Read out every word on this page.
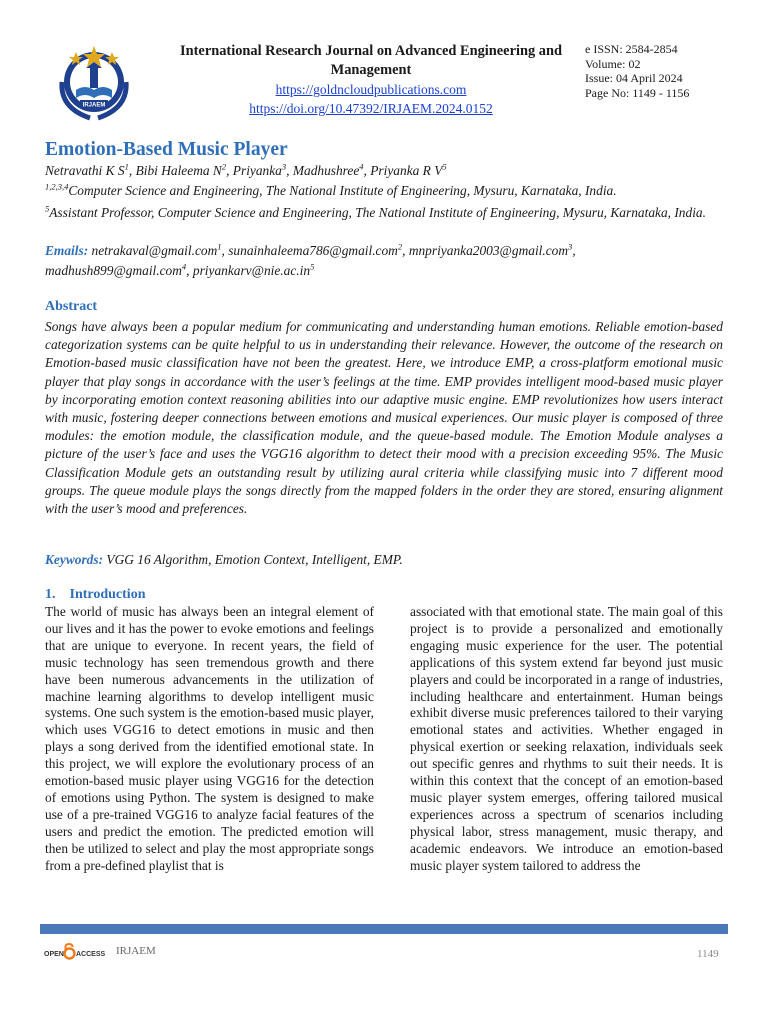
IRJAEM
International Research Journal on Advanced Engineering and Management
https://goldncloudpublications.com
https://doi.org/10.47392/IRJAEM.2024.0152
e ISSN: 2584-2854
Volume: 02
Issue: 04 April 2024
Page No: 1149 - 1156
Emotion-Based Music Player
Netravathi K $S^1$, Bibi Haleema $N^2$, Priyanka$^3$, Madhushree$^4$, Priyanka R $V^5$
$^{1,2,3,4}$Computer Science and Engineering, The National Institute of Engineering, Mysuru, Karnataka, India.
$^5$Assistant Professor, Computer Science and Engineering, The National Institute of Engineering, Mysuru, Karnataka, India.
Emails: netrakaval@gmail.com$^1$, sunainhaleema786@gmail.com$^2$, mnpriyanka2003@gmail.com$^3$, madhush899@gmail.com$^4$, $priyankarv@nie.ac.in^5$
Abstract
Songs have always been a popular medium for communicating and understanding human emotions. Reliable emotion-based categorization systems can be quite helpful to us in understanding their relevance. However, the outcome of the research on Emotion-based music classification have not been the greatest. Here, we introduce EMP, a cross-platform emotional music player that play songs in accordance with the user’s feelings at the time. EMP provides intelligent mood-based music player by incorporating emotion context reasoning abilities into our adaptive music engine. EMP revolutionizes how users interact with music, fostering deeper connections between emotions and musical experiences. Our music player is composed of three modules: the emotion module, the classification module, and the queue-based module. The Emotion Module analyses a picture of the user’s face and uses the VGG16 algorithm to detect their mood with a precision exceeding 95%. The Music Classification Module gets an outstanding result by utilizing aural criteria while classifying music into 7 different mood groups. The queue module plays the songs directly from the mapped folders in the order they are stored, ensuring alignment with the user’s mood and preferences.
Keywords: VGG 16 Algorithm, Emotion Context, Intelligent, EMP.
1.    Introduction
The world of music has always been an integral element of our lives and it has the power to evoke emotions and feelings that are unique to everyone. In recent years, the field of music technology has seen tremendous growth and there have been numerous advancements in the utilization of machine learning algorithms to develop intelligent music systems. One such system is the emotion-based music player, which uses VGG16 to detect emotions in music and then plays a song derived from the identified emotional state. In this project, we will explore the evolutionary process of an emotion-based music player using VGG16 for the detection of emotions using Python. The system is designed to make use of a pre-trained VGG16 to analyze facial features of the users and predict the emotion. The predicted emotion will then be utilized to select and play the most appropriate songs from a pre-defined playlist that is
associated with that emotional state. The main goal of this project is to provide a personalized and emotionally engaging music experience for the user. The potential applications of this system extend far beyond just music players and could be incorporated in a range of industries, including healthcare and entertainment. Human beings exhibit diverse music preferences tailored to their varying emotional states and activities. Whether engaged in physical exertion or seeking relaxation, individuals seek out specific genres and rhythms to suit their needs. It is within this context that the concept of an emotion-based music player system emerges, offering tailored musical experiences across a spectrum of scenarios including physical labor, stress management, music therapy, and academic endeavors. We introduce an emotion-based music player system tailored to address the
OPEN ACCESS IRJAEM	1149
